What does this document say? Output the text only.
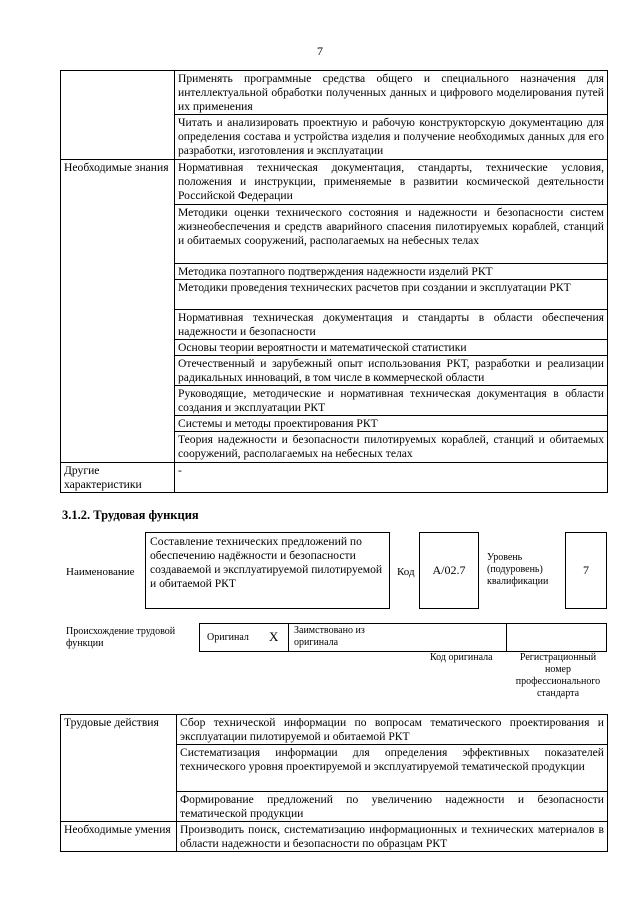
7
	Применять программные средства общего и специального назначения для интеллектуальной обработки полученных данных и цифрового моделирования путей их применения
	Читать и анализировать проектную и рабочую конструкторскую документацию для определения состава и устройства изделия и получение необходимых данных для его разработки, изготовления и эксплуатации
Необходимые знания	Нормативная техническая документация, стандарты, технические условия, положения и инструкции, применяемые в развитии космической деятельности Российской Федерации
	Методики оценки технического состояния и надежности и безопасности систем жизнеобеспечения и средств аварийного спасения пилотируемых кораблей, станций и обитаемых сооружений, располагаемых на небесных телах
	Методика поэтапного подтверждения надежности изделий РКТ
	Методики проведения технических расчетов при создании и эксплуатации РКТ
	Нормативная техническая документация и стандарты в области обеспечения надежности и безопасности
	Основы теории вероятности и математической статистики
	Отечественный и зарубежный опыт использования РКТ, разработки и реализации радикальных инноваций, в том числе в коммерческой области
	Руководящие, методические и нормативная техническая документация в области создания и эксплуатации РКТ
	Системы и методы проектирования РКТ
	Теория надежности и безопасности пилотируемых кораблей, станций и обитаемых сооружений, располагаемых на небесных телах
Другие характеристики	-
3.1.2. Трудовая функция
Наименование
Составление технических предложений по обеспечению надёжности и безопасности создаваемой и эксплуатируемой пилотируемой и обитаемой РКТ
Код	А/02.7
Уровень (подуровень) квалификации
7
Происхождение трудовой функции
Оригинал X Заимствовано из оригинала
Код оригинала	Регистрационный номер профессионального стандарта
Трудовые действия	Сбор технической информации по вопросам тематического проектирования и эксплуатации пилотируемой и обитаемой РКТ
	Систематизация информации для определения эффективных показателей технического уровня проектируемой и эксплуатируемой тематической продукции
	Формирование предложений по увеличению надежности и безопасности тематической продукции
Необходимые умения	Производить поиск, систематизацию информационных и технических материалов в области надежности и безопасности по образцам РКТ
